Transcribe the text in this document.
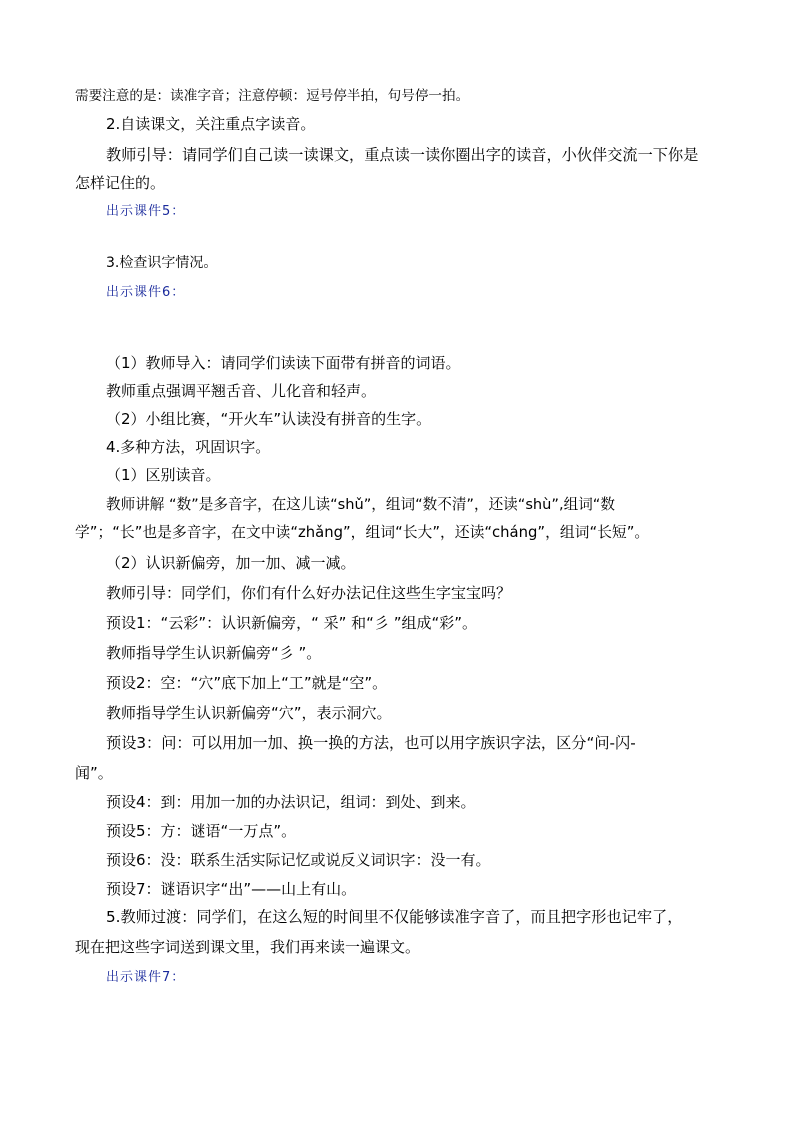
需要注意的是：读准字音；注意停顿：逗号停半拍，句号停一拍。
2.自读课文，关注重点字读音。
教师引导：请同学们自己读一读课文，重点读一读你圈出字的读音，小伙伴交流一下你是
怎样记住的。
出示课件5：
3.检查识字情况。
出示课件6：
（1）教师导入：请同学们读读下面带有拼音的词语。
教师重点强调平翘舌音、儿化音和轻声。
（2）小组比赛，“开火车”认读没有拼音的生字。
4.多种方法，巩固识字。
（1）区别读音。
教师讲解 “数”是多音字，在这儿读“shǔ”，组词“数不清”，还读“shù”,组词“数
学”；“长”也是多音字，在文中读“zhǎng”，组词“长大”，还读“cháng”，组词“长短”。
（2）认识新偏旁，加一加、减一减。
教师引导：同学们，你们有什么好办法记住这些生字宝宝吗？
预设1：“云彩”：认识新偏旁，“ 采” 和“彡 ”组成“彩”。
教师指导学生认识新偏旁“彡 ”。
预设2：空：“穴”底下加上“工”就是“空”。
教师指导学生认识新偏旁“穴”，表示洞穴。
预设3：问：可以用加一加、换一换的方法，也可以用字族识字法，区分“问-闪-
闻”。
预设4：到：用加一加的办法识记，组词：到处、到来。
预设5：方：谜语“一万点”。
预设6：没：联系生活实际记忆或说反义词识字：没一有。
预设7：谜语识字“出”——山上有山。
5.教师过渡：同学们，在这么短的时间里不仅能够读准字音了，而且把字形也记牢了，
现在把这些字词送到课文里，我们再来读一遍课文。
出示课件7：
